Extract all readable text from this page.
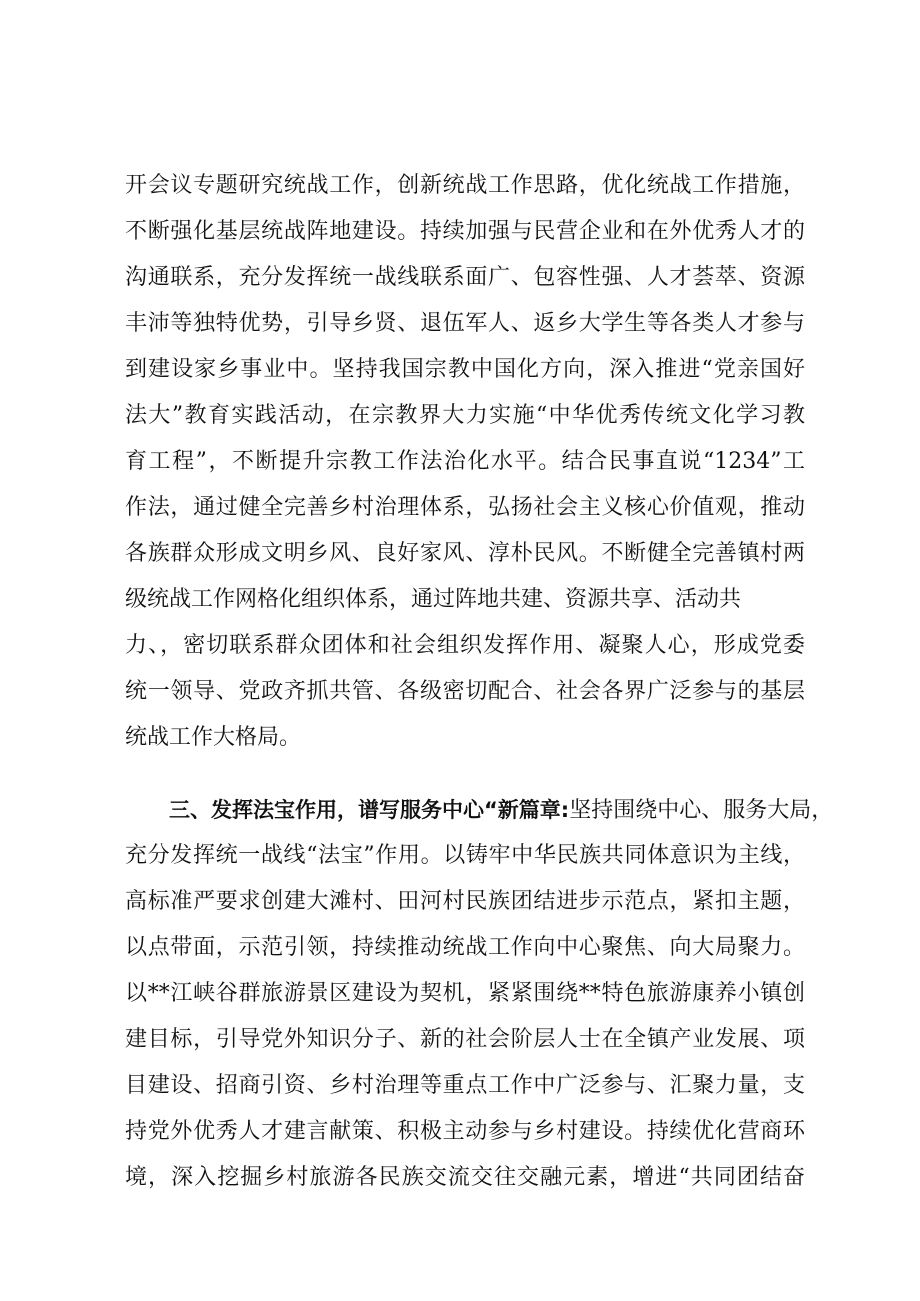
开会议专题研究统战工作，创新统战工作思路，优化统战工作措施，
不断强化基层统战阵地建设。持续加强与民营企业和在外优秀人才的
沟通联系，充分发挥统一战线联系面广、包容性强、人才荟萃、资源
丰沛等独特优势，引导乡贤、退伍军人、返乡大学生等各类人才参与
到建设家乡事业中。坚持我国宗教中国化方向，深入推进“党亲国好
法大”教育实践活动，在宗教界大力实施“中华优秀传统文化学习教
育工程”，不断提升宗教工作法治化水平。结合民事直说“1234”工
作法，通过健全完善乡村治理体系，弘扬社会主义核心价值观，推动
各族群众形成文明乡风、良好家风、淳朴民风。不断健全完善镇村两
级统战工作网格化组织体系，通过阵地共建、资源共享、活动共
力、，密切联系群众团体和社会组织发挥作用、凝聚人心，形成党委
统一领导、党政齐抓共管、各级密切配合、社会各界广泛参与的基层
统战工作大格局。
三、发挥法宝作用，谱写服务中心“新篇章:坚持围绕中心、服务大局，
充分发挥统一战线“法宝”作用。以铸牢中华民族共同体意识为主线，
高标准严要求创建大滩村、田河村民族团结进步示范点，紧扣主题，
以点带面，示范引领，持续推动统战工作向中心聚焦、向大局聚力。
以**江峡谷群旅游景区建设为契机，紧紧围绕**特色旅游康养小镇创
建目标，引导党外知识分子、新的社会阶层人士在全镇产业发展、项
目建设、招商引资、乡村治理等重点工作中广泛参与、汇聚力量，支
持党外优秀人才建言献策、积极主动参与乡村建设。持续优化营商环
境，深入挖掘乡村旅游各民族交流交往交融元素，增进“共同团结奋
